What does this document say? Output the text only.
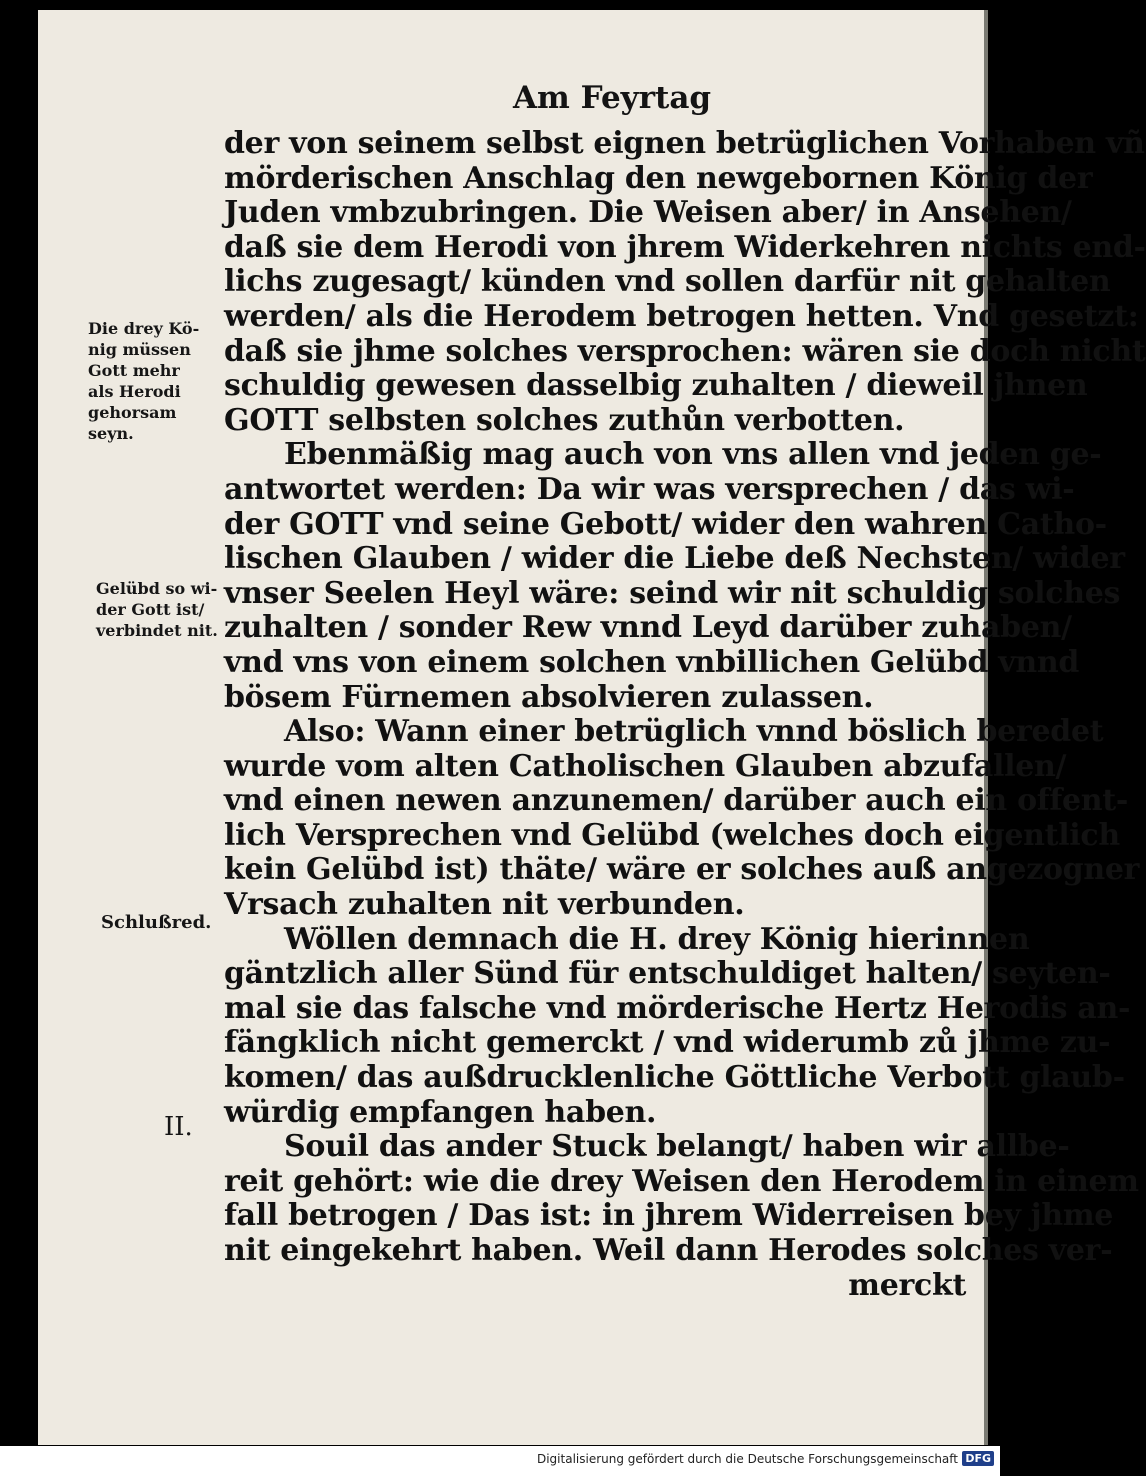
Am Feyrtag
der von seinem selbst eignen betrüglichen Vorhaben vñ
mörderischen Anschlag den newgebornen König der
Juden vmbzubringen. Die Weisen aber/ in Ansehen/
daß sie dem Herodi von jhrem Widerkehren nichts end-
lichs zugesagt/ künden vnd sollen darfür nit gehalten
werden/ als die Herodem betrogen hetten. Vnd gesetzt:
daß sie jhme solches versprochen: wären sie doch nicht
schuldig gewesen dasselbig zuhalten / dieweil jhnen
GOTT selbsten solches zuthůn verbotten.
Ebenmäßig mag auch von vns allen vnd jeden ge-
antwortet werden: Da wir was versprechen / das wi-
der GOTT vnd seine Gebott/ wider den wahren Catho-
lischen Glauben / wider die Liebe deß Nechsten/ wider
vnser Seelen Heyl wäre: seind wir nit schuldig solches
zuhalten / sonder Rew vnnd Leyd darüber zuhaben/
vnd vns von einem solchen vnbillichen Gelübd vnnd
bösem Fürnemen absolvieren zulassen.
Also: Wann einer betrüglich vnnd böslich beredet
wurde vom alten Catholischen Glauben abzufallen/
vnd einen newen anzunemen/ darüber auch ein offent-
lich Versprechen vnd Gelübd (welches doch eigentlich
kein Gelübd ist) thäte/ wäre er solches auß angezogner
Vrsach zuhalten nit verbunden.
Wöllen demnach die H. drey König hierinnen
gäntzlich aller Sünd für entschuldiget halten/ seyten-
mal sie das falsche vnd mörderische Hertz Herodis an-
fängklich nicht gemerckt / vnd widerumb zů jhme zu-
komen/ das außdrucklenliche Göttliche Verbott glaub-
würdig empfangen haben.
Souil das ander Stuck belangt/ haben wir allbe-
reit gehört: wie die drey Weisen den Herodem in einem
fall betrogen / Das ist: in jhrem Widerreisen bey jhme
nit eingekehrt haben. Weil dann Herodes solches ver-
merckt
Die drey Kö-
nig müssen
Gott mehr
als Herodi
gehorsam
seyn.
Gelübd so wi-
der Gott ist/
verbindet nit.
Schlußred.
II.
Digitalisierung gefördert durch die Deutsche Forschungsgemeinschaft DFG
